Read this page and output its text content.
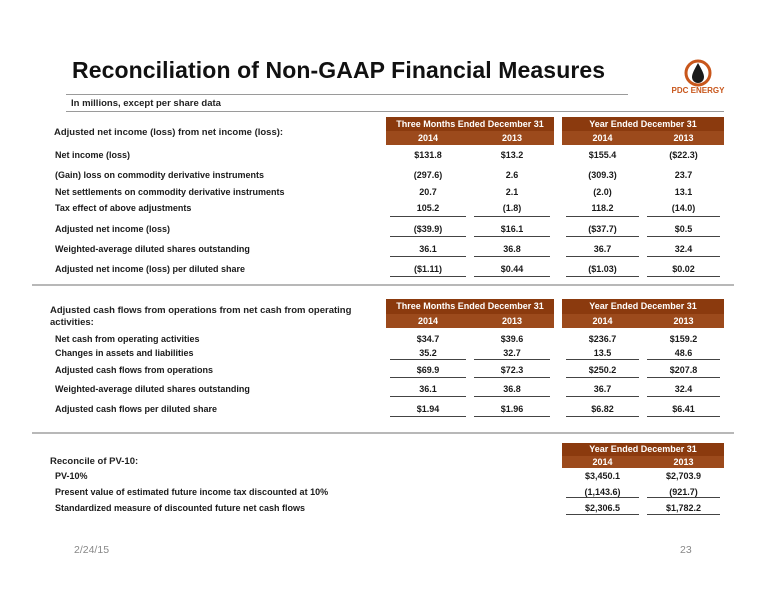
Reconciliation of Non-GAAP Financial Measures
In millions, except per share data
PDC ENERGY
Adjusted net income (loss) from net income (loss):
Three Months Ended December 31	Year Ended December 31
2014	2013	2014	2013
Net income (loss)	$131.8	$13.2	$155.4	($22.3)
(Gain) loss on commodity derivative instruments	(297.6)	2.6	(309.3)	23.7
Net settlements on commodity derivative instruments	20.7	2.1	(2.0)	13.1
Tax effect of above adjustments	105.2	(1.8)	118.2	(14.0)
Adjusted net income (loss)	($39.9)	$16.1	($37.7)	$0.5
Weighted-average diluted shares outstanding	36.1	36.8	36.7	32.4
Adjusted net income (loss) per diluted share	($1.11)	$0.44	($1.03)	$0.02
Adjusted cash flows from operations from net cash from operating
activities:
Three Months Ended December 31	Year Ended December 31
2014	2013	2014	2013
Net cash from operating activities	$34.7	$39.6	$236.7	$159.2
Changes in assets and liabilities	35.2	32.7	13.5	48.6
Adjusted cash flows from operations	$69.9	$72.3	$250.2	$207.8
Weighted-average diluted shares outstanding	36.1	36.8	36.7	32.4
Adjusted cash flows per diluted share	$1.94	$1.96	$6.82	$6.41
Reconcile of PV-10:
Year Ended December 31
2014	2013
PV-10%	$3,450.1	$2,703.9
Present value of estimated future income tax discounted at 10%	(1,143.6)	(921.7)
Standardized measure of discounted future net cash flows	$2,306.5	$1,782.2
2/24/15	23
